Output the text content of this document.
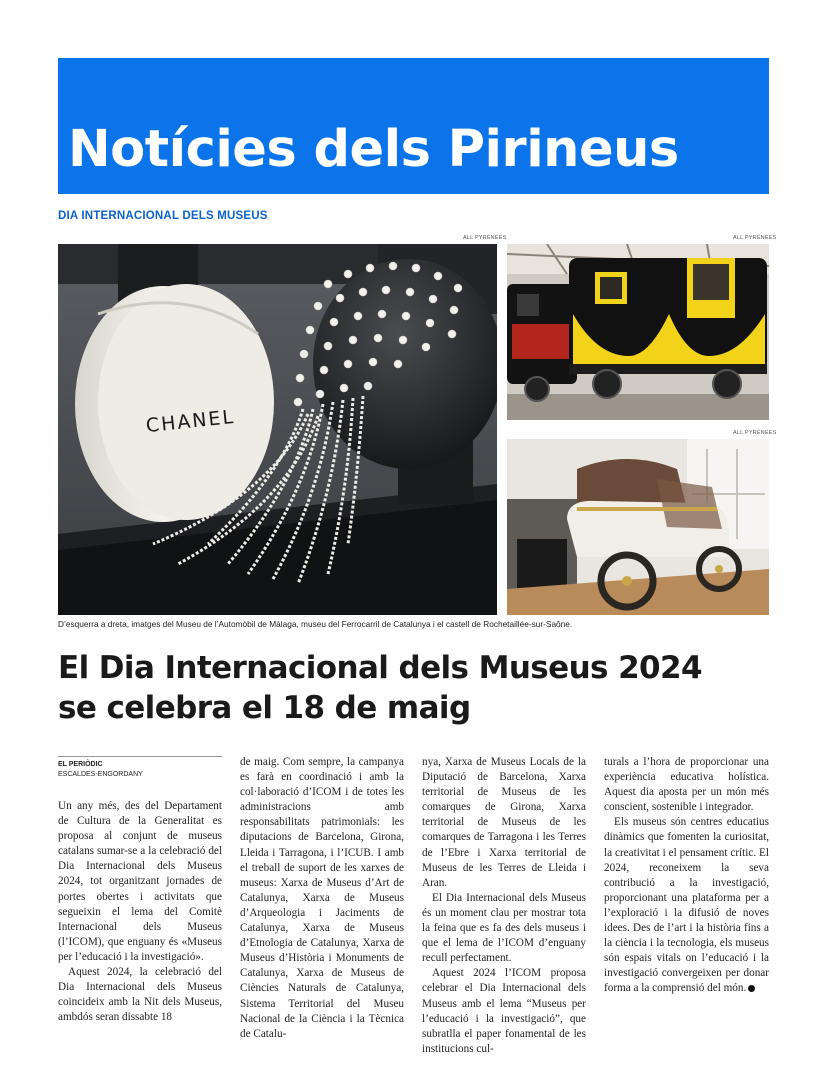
Notícies dels Pirineus

DIA INTERNACIONAL DELS MUSEUS

ALL PYRÉNÉES	ALL PYRÉNÉES
ALL PYRÉNÉES
CHANEL

D’esquerra a dreta, imatges del Museu de l’Automòbil de Màlaga, museu del Ferrocarril de Catalunya i el castell de Rochetaillée-sur-Saône.

El Dia Internacional dels Museus 2024
se celebra el 18 de maig

EL PERIÒDIC
ESCALDES-ENGORDANY

Un any més, des del Departament de Cultura de la Generalitat es proposa al conjunt de museus catalans sumar-se a la celebració del Dia Internacional dels Museus 2024, tot organitzant jornades de portes obertes i activitats que segueixin el lema del Comitè Internacional dels Museus (l’ICOM), que enguany és «Museus per l’educació i la investigació».

Aquest 2024, la celebració del Dia Internacional dels Museus coincideix amb la Nit dels Museus, ambdós seran dissabte 18

de maig. Com sempre, la campanya es farà en coordinació i amb la col·laboració d’ICOM i de totes les administracions amb responsabilitats patrimonials: les diputacions de Barcelona, Girona, Lleida i Tarragona, i l’ICUB. I amb el treball de suport de les xarxes de museus: Xarxa de Museus d’Art de Catalunya, Xarxa de Museus d’Arqueologia i Jaciments de Catalunya, Xarxa de Museus d’Etnologia de Catalunya, Xarxa de Museus d’Història i Monuments de Catalunya, Xarxa de Museus de Ciències Naturals de Catalunya, Sistema Territorial del Museu Nacional de la Ciència i la Tècnica de Catalu-

nya, Xarxa de Museus Locals de la Diputació de Barcelona, Xarxa territorial de Museus de les comarques de Girona, Xarxa territorial de Museus de les comarques de Tarragona i les Terres de l’Ebre i Xarxa territorial de Museus de les Terres de Lleida i Aran.

El Dia Internacional dels Museus és un moment clau per mostrar tota la feina que es fa des dels museus i que el lema de l’ICOM d’enguany recull perfectament.

Aquest 2024 l’ICOM proposa celebrar el Dia Internacional dels Museus amb el lema “Museus per l’educació i la investigació”, que subratlla el paper fonamental de les institucions cul-

turals a l’hora de proporcionar una experiència educativa holística. Aquest dia aposta per un món més conscient, sostenible i integrador.

Els museus són centres educatius dinàmics que fomenten la curiositat, la creativitat i el pensament crític. El 2024, reconeixem la seva contribució a la investigació, proporcionant una plataforma per a l’exploració i la difusió de noves idees. Des de l’art i la història fins a la ciència i la tecnologia, els museus són espais vitals on l’educació i la investigació convergeixen per donar forma a la comprensió del món.
